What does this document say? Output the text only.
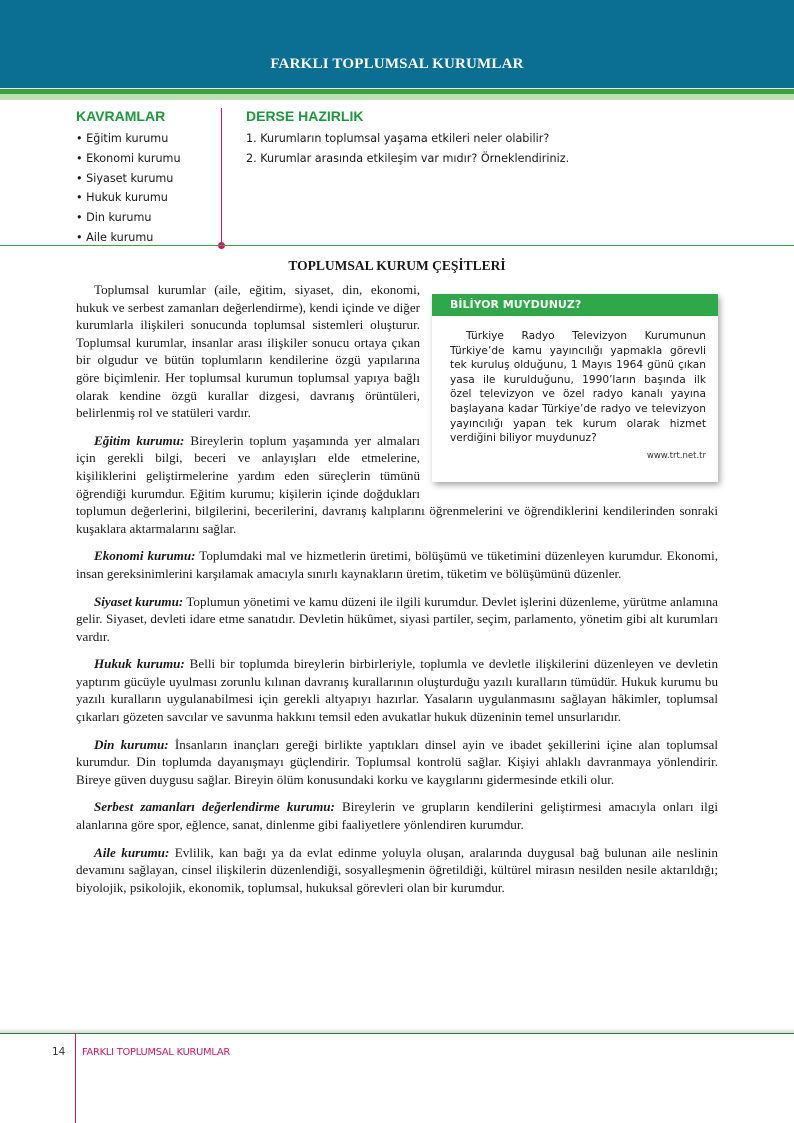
FARKLI TOPLUMSAL KURUMLAR
KAVRAMLAR
• Eğitim kurumu
• Ekonomi kurumu
• Siyaset kurumu
• Hukuk kurumu
• Din kurumu
• Aile kurumu
DERSE HAZIRLIK
1. Kurumların toplumsal yaşama etkileri neler olabilir?
2. Kurumlar arasında etkileşim var mıdır? Örneklendiriniz.
TOPLUMSAL KURUM ÇEŞİTLERİ
BİLİYOR MUYDUNUZ?
Türkiye Radyo Televizyon Kurumunun Türkiye’de kamu yayıncılığı yapmakla görevli tek kuruluş olduğunu, 1 Mayıs 1964 günü çıkan yasa ile kurulduğunu, 1990’ların başında ilk özel televizyon ve özel radyo kanalı yayına başlayana kadar Türkiye’de radyo ve televizyon yayıncılığı yapan tek kurum olarak hizmet verdiğini biliyor muydunuz?
www.trt.net.tr

Toplumsal kurumlar (aile, eğitim, siyaset, din, ekonomi, hukuk ve serbest zamanları değerlendirme), kendi içinde ve diğer kurumlarla ilişkileri sonucunda toplumsal sistemleri oluşturur. Toplumsal kurumlar, insanlar arası ilişkiler sonucu ortaya çıkan bir olgudur ve bütün toplumların kendilerine özgü yapılarına göre biçimlenir. Her toplumsal kurumun toplumsal yapıya bağlı olarak kendine özgü kurallar dizgesi, davranış örüntüleri, belirlenmiş rol ve statüleri vardır.

Eğitim kurumu: Bireylerin toplum yaşamında yer almaları için gerekli bilgi, beceri ve anlayışları elde etmelerine, kişiliklerini geliştirmelerine yardım eden süreçlerin tümünü öğrendiği kurumdur. Eğitim kurumu; kişilerin içinde doğdukları toplumun değerlerini, bilgilerini, becerilerini, davranış kalıplarını öğrenmelerini ve öğrendiklerini kendilerinden sonraki kuşaklara aktarmalarını sağlar.

Ekonomi kurumu: Toplumdaki mal ve hizmetlerin üretimi, bölüşümü ve tüketimini düzenleyen kurumdur. Ekonomi, insan gereksinimlerini karşılamak amacıyla sınırlı kaynakların üretim, tüketim ve bölüşümünü düzenler.

Siyaset kurumu: Toplumun yönetimi ve kamu düzeni ile ilgili kurumdur. Devlet işlerini düzenleme, yürütme anlamına gelir. Siyaset, devleti idare etme sanatıdır. Devletin hükûmet, siyasi partiler, seçim, parlamento, yönetim gibi alt kurumları vardır.

Hukuk kurumu: Belli bir toplumda bireylerin birbirleriyle, toplumla ve devletle ilişkilerini düzenleyen ve devletin yaptırım gücüyle uyulması zorunlu kılınan davranış kurallarının oluşturduğu yazılı kuralların tümüdür. Hukuk kurumu bu yazılı kuralların uygulanabilmesi için gerekli altyapıyı hazırlar. Yasaların uygulanmasını sağlayan hâkimler, toplumsal çıkarları gözeten savcılar ve savunma hakkını temsil eden avukatlar hukuk düzeninin temel unsurlarıdır.

Din kurumu: İnsanların inançları gereği birlikte yaptıkları dinsel ayin ve ibadet şekillerini içine alan toplumsal kurumdur. Din toplumda dayanışmayı güçlendirir. Toplumsal kontrolü sağlar. Kişiyi ahlaklı davranmaya yönlendirir. Bireye güven duygusu sağlar. Bireyin ölüm konusundaki korku ve kaygılarını gidermesinde etkili olur.

Serbest zamanları değerlendirme kurumu: Bireylerin ve grupların kendilerini geliştirmesi amacıyla onları ilgi alanlarına göre spor, eğlence, sanat, dinlenme gibi faaliyetlere yönlendiren kurumdur.

Aile kurumu: Evlilik, kan bağı ya da evlat edinme yoluyla oluşan, aralarında duygusal bağ bulunan aile neslinin devamını sağlayan, cinsel ilişkilerin düzenlendiği, sosyalleşmenin öğretildiği, kültürel mirasın nesilden nesile aktarıldığı; biyolojik, psikolojik, ekonomik, toplumsal, hukuksal görevleri olan bir kurumdur.

14 FARKLI TOPLUMSAL KURUMLAR
